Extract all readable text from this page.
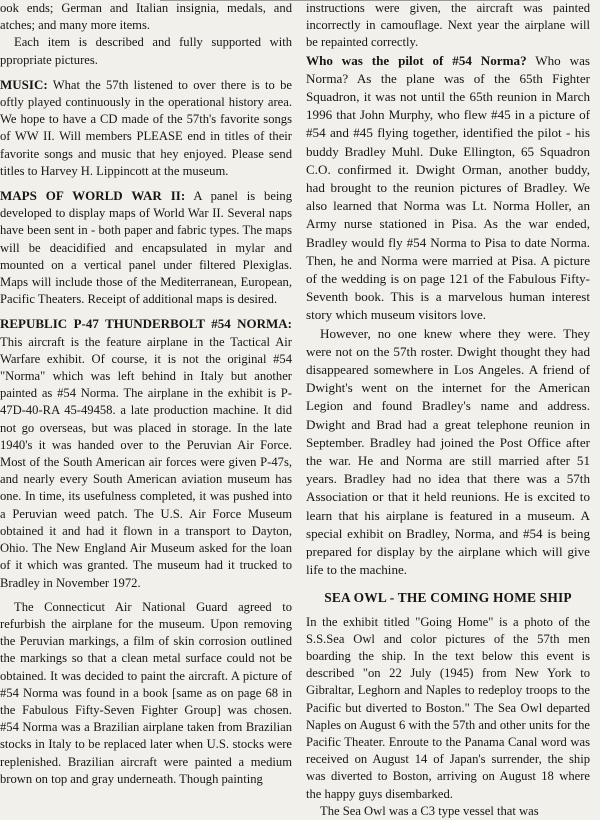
ook ends; German and Italian insignia, medals, and atches; and many more items.

Each item is described and fully supported with ppropriate pictures.

MUSIC: What the 57th listened to over there is to be oftly played continuously in the operational history area. We hope to have a CD made of the 57th's favorite songs of WW II. Will members PLEASE end in titles of their favorite songs and music that hey enjoyed. Please send titles to Harvey H. Lippincott at the museum.

MAPS OF WORLD WAR II: A panel is being developed to display maps of World War II. Several naps have been sent in - both paper and fabric types. The maps will be deacidified and encapsulated in mylar and mounted on a vertical panel under filtered Plexiglas. Maps will include those of the Mediterranean, European, Pacific Theaters. Receipt of additional maps is desired.

REPUBLIC P-47 THUNDERBOLT #54 NORMA: This aircraft is the feature airplane in the Tactical Air Warfare exhibit. Of course, it is not the original #54 "Norma" which was left behind in Italy but another painted as #54 Norma. The airplane in the exhibit is P-47D-40-RA 45-49458. a late production machine. It did not go overseas, but was placed in storage. In the late 1940's it was handed over to the Peruvian Air Force. Most of the South American air forces were given P-47s, and nearly every South American aviation museum has one. In time, its usefulness completed, it was pushed into a Peruvian weed patch. The U.S. Air Force Museum obtained it and had it flown in a transport to Dayton, Ohio. The New England Air Museum asked for the loan of it which was granted. The museum had it trucked to Bradley in November 1972.

The Connecticut Air National Guard agreed to refurbish the airplane for the museum. Upon removing the Peruvian markings, a film of skin corrosion outlined the markings so that a clean metal surface could not be obtained. It was decided to paint the aircraft. A picture of #54 Norma was found in a book [same as on page 68 in the Fabulous Fifty-Seven Fighter Group] was chosen. #54 Norma was a Brazilian airplane taken from Brazilian stocks in Italy to be replaced later when U.S. stocks were replenished. Brazilian aircraft were painted a medium brown on top and gray underneath. Though painting

instructions were given, the aircraft was painted incorrectly in camouflage. Next year the airplane will be repainted correctly.

Who was the pilot of #54 Norma? Who was Norma? As the plane was of the 65th Fighter Squadron, it was not until the 65th reunion in March 1996 that John Murphy, who flew #45 in a picture of #54 and #45 flying together, identified the pilot - his buddy Bradley Muhl. Duke Ellington, 65 Squadron C.O. confirmed it. Dwight Orman, another buddy, had brought to the reunion pictures of Bradley. We also learned that Norma was Lt. Norma Holler, an Army nurse stationed in Pisa. As the war ended, Bradley would fly #54 Norma to Pisa to date Norma. Then, he and Norma were married at Pisa. A picture of the wedding is on page 121 of the Fabulous Fifty-Seventh book. This is a marvelous human interest story which museum visitors love.

However, no one knew where they were. They were not on the 57th roster. Dwight thought they had disappeared somewhere in Los Angeles. A friend of Dwight's went on the internet for the American Legion and found Bradley's name and address. Dwight and Brad had a great telephone reunion in September. Bradley had joined the Post Office after the war. He and Norma are still married after 51 years. Bradley had no idea that there was a 57th Association or that it held reunions. He is excited to learn that his airplane is featured in a museum. A special exhibit on Bradley, Norma, and #54 is being prepared for display by the airplane which will give life to the machine.

SEA OWL - THE COMING HOME SHIP

In the exhibit titled "Going Home" is a photo of the S.S.Sea Owl and color pictures of the 57th men boarding the ship. In the text below this event is described "on 22 July (1945) from New York to Gibraltar, Leghorn and Naples to redeploy troops to the Pacific but diverted to Boston." The Sea Owl departed Naples on August 6 with the 57th and other units for the Pacific Theater. Enroute to the Panama Canal word was received on August 14 of Japan's surrender, the ship was diverted to Boston, arriving on August 18 where the happy guys disembarked.

The Sea Owl was a C3 type vessel that was
